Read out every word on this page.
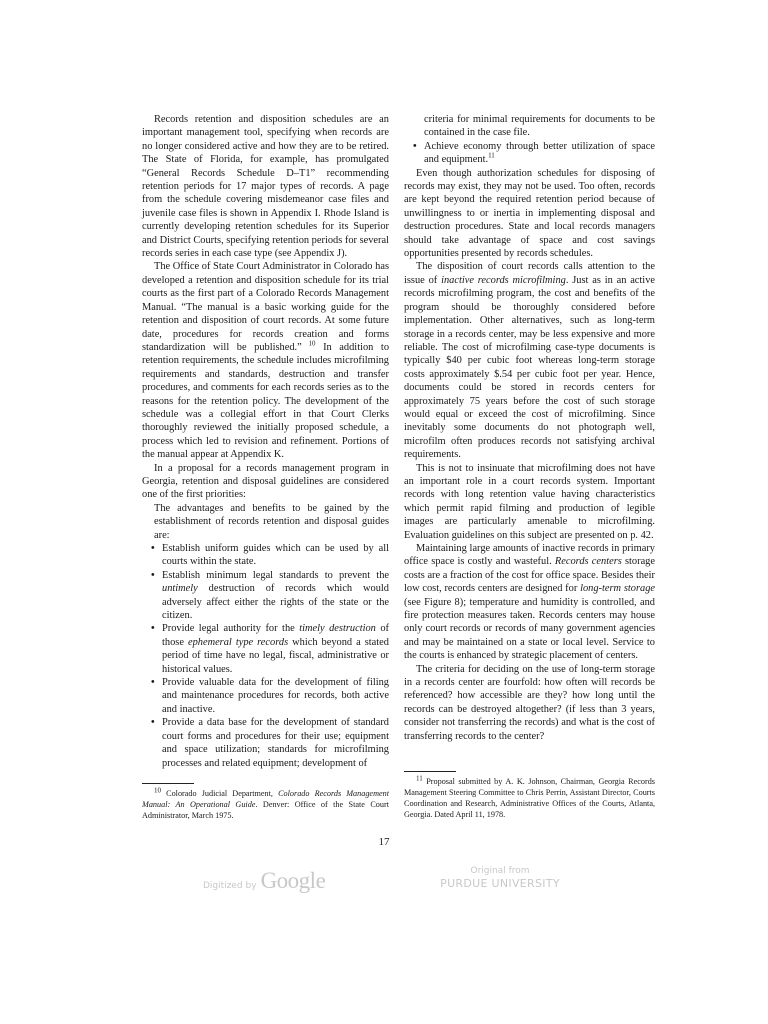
Records retention and disposition schedules are an important management tool, specifying when records are no longer considered active and how they are to be retired. The State of Florida, for example, has promulgated “General Records Schedule D–T1” recommending retention periods for 17 major types of records. A page from the schedule covering misdemeanor case files and juvenile case files is shown in Appendix I. Rhode Island is currently developing retention schedules for its Superior and District Courts, specifying retention periods for several records series in each case type (see Appendix J).

The Office of State Court Administrator in Colorado has developed a retention and disposition schedule for its trial courts as the first part of a Colorado Records Management Manual. “The manual is a basic working guide for the retention and disposition of court records. At some future date, procedures for records creation and forms standardization will be published.” $^{10}$ In addition to retention requirements, the schedule includes microfilming requirements and standards, destruction and transfer procedures, and comments for each records series as to the reasons for the retention policy. The development of the schedule was a collegial effort in that Court Clerks thoroughly reviewed the initially proposed schedule, a process which led to revision and refinement. Portions of the manual appear at Appendix K.

In a proposal for a records management program in Georgia, retention and disposal guidelines are considered one of the first priorities:

The advantages and benefits to be gained by the establishment of records retention and disposal guides are:

• Establish uniform guides which can be used by all courts within the state.
• Establish minimum legal standards to prevent the untimely destruction of records which would adversely affect either the rights of the state or the citizen.
• Provide legal authority for the timely destruction of those ephemeral type records which beyond a stated period of time have no legal, fiscal, administrative or historical values.
• Provide valuable data for the development of filing and maintenance procedures for records, both active and inactive.
• Provide a data base for the development of standard court forms and procedures for their use; equipment and space utilization; standards for microfilming processes and related equipment; development of

criteria for minimal requirements for documents to be contained in the case file.

• Achieve economy through better utilization of space and equipment.$^{11}$

Even though authorization schedules for disposing of records may exist, they may not be used. Too often, records are kept beyond the required retention period because of unwillingness to or inertia in implementing disposal and destruction procedures. State and local records managers should take advantage of space and cost savings opportunities presented by records schedules.

The disposition of court records calls attention to the issue of inactive records microfilming. Just as in an active records microfilming program, the cost and benefits of the program should be thoroughly considered before implementation. Other alternatives, such as long-term storage in a records center, may be less expensive and more reliable. The cost of microfilming case-type documents is typically $40 per cubic foot whereas long-term storage costs approximately $.54 per cubic foot per year. Hence, documents could be stored in records centers for approximately 75 years before the cost of such storage would equal or exceed the cost of microfilming. Since inevitably some documents do not photograph well, microfilm often produces records not satisfying archival requirements.

This is not to insinuate that microfilming does not have an important role in a court records system. Important records with long retention value having characteristics which permit rapid filming and production of legible images are particularly amenable to microfilming. Evaluation guidelines on this subject are presented on p. 42.

Maintaining large amounts of inactive records in primary office space is costly and wasteful. Records centers storage costs are a fraction of the cost for office space. Besides their low cost, records centers are designed for long-term storage (see Figure 8); temperature and humidity is controlled, and fire protection measures taken. Records centers may house only court records or records of many government agencies and may be maintained on a state or local level. Service to the courts is enhanced by strategic placement of centers.

The criteria for deciding on the use of long-term storage in a records center are fourfold: how often will records be referenced? how accessible are they? how long until the records can be destroyed altogether? (if less than 3 years, consider not transferring the records) and what is the cost of transferring records to the center?

$^{10}$ Colorado Judicial Department, Colorado Records Management Manual: An Operational Guide. Denver: Office of the State Court Administrator, March 1975.

$^{11}$ Proposal submitted by A. K. Johnson, Chairman, Georgia Records Management Steering Committee to Chris Perrin, Assistant Director, Courts Coordination and Research, Administrative Offices of the Courts, Atlanta, Georgia. Dated April 11, 1978.

17
Digitized by Google	Original from
PURDUE UNIVERSITY
